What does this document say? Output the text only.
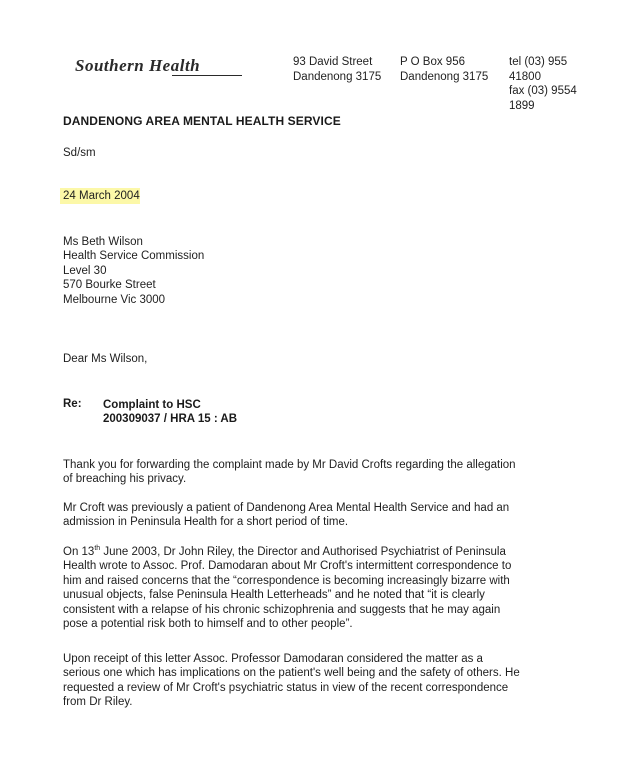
Southern Health	93 David Street
Dandenong 3175
P O Box 956
Dandenong 3175
tel (03) 955
41800
fax (03) 9554
1899
DANDENONG AREA MENTAL HEALTH SERVICE
Sd/sm
24 March 2004
Ms Beth Wilson
Health Service Commission
Level 30
570 Bourke Street
Melbourne Vic 3000
Dear Ms Wilson,
Re: Complaint to HSC
200309037 / HRA 15 : AB
Thank you for forwarding the complaint made by Mr David Crofts regarding the allegation of breaching his privacy.
Mr Croft was previously a patient of Dandenong Area Mental Health Service and had an admission in Peninsula Health for a short period of time.
On 13th June 2003, Dr John Riley, the Director and Authorised Psychiatrist of Peninsula Health wrote to Assoc. Prof. Damodaran about Mr Croft's intermittent correspondence to him and raised concerns that the “correspondence is becoming increasingly bizarre with unusual objects, false Peninsula Health Letterheads” and he noted that “it is clearly consistent with a relapse of his chronic schizophrenia and suggests that he may again pose a potential risk both to himself and to other people”.
Upon receipt of this letter Assoc. Professor Damodaran considered the matter as a serious one which has implications on the patient's well being and the safety of others. He requested a review of Mr Croft's psychiatric status in view of the recent correspondence from Dr Riley.
